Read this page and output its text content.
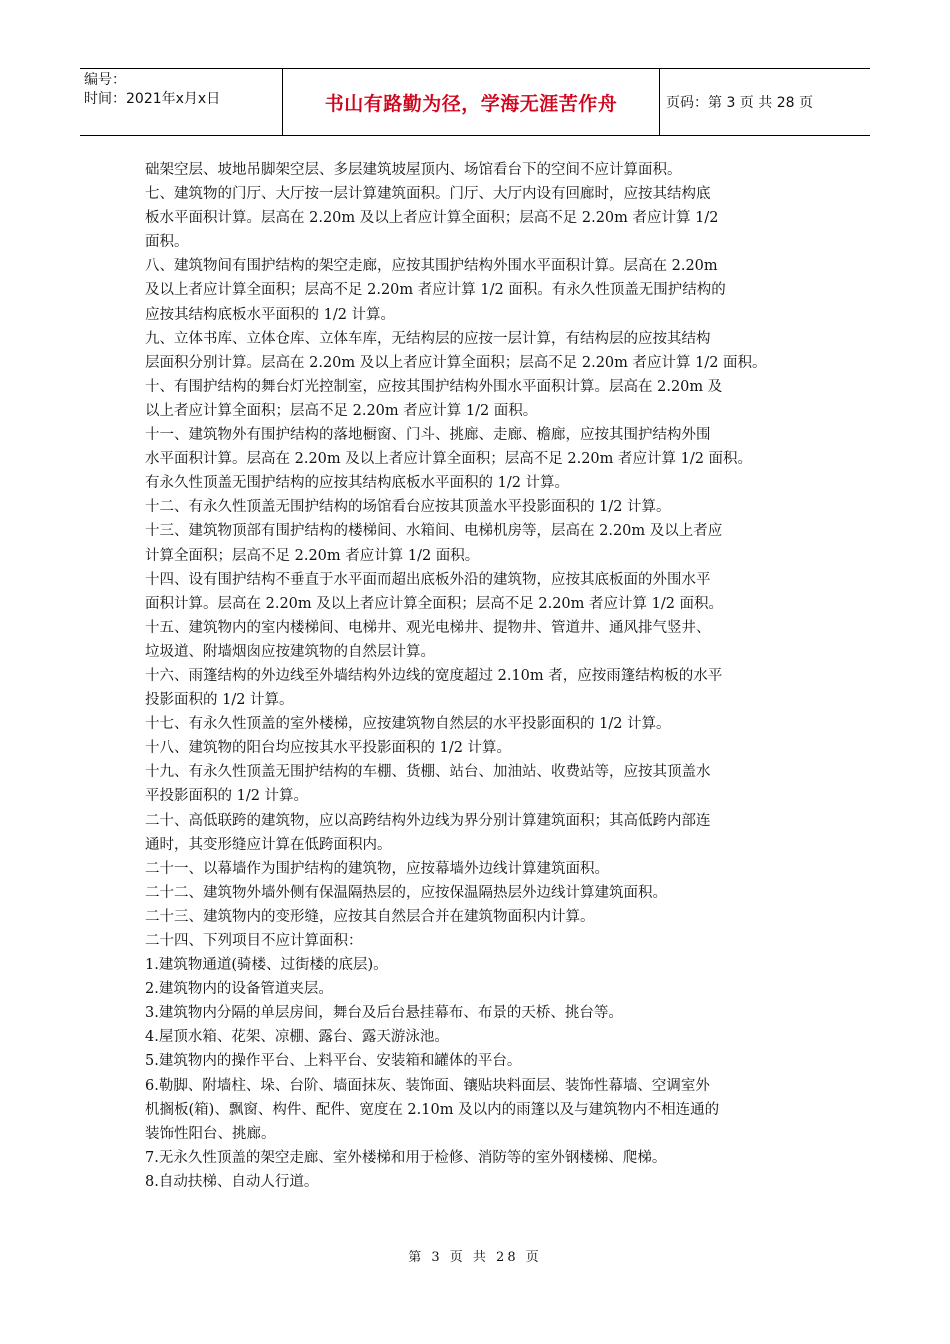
编号：
时间：2021年x月x日	书山有路勤为径，学海无涯苦作舟	页码：第 3 页 共 28 页
础架空层、坡地吊脚架空层、多层建筑坡屋顶内、场馆看台下的空间不应计算面积。
七、建筑物的门厅、大厅按一层计算建筑面积。门厅、大厅内设有回廊时，应按其结构底
板水平面积计算。层高在 2.20m 及以上者应计算全面积；层高不足 2.20m 者应计算 1/2
面积。
八、建筑物间有围护结构的架空走廊，应按其围护结构外围水平面积计算。层高在 2.20m
及以上者应计算全面积；层高不足 2.20m 者应计算 1/2 面积。有永久性顶盖无围护结构的
应按其结构底板水平面积的 1/2 计算。
九、立体书库、立体仓库、立体车库，无结构层的应按一层计算，有结构层的应按其结构
层面积分别计算。层高在 2.20m 及以上者应计算全面积；层高不足 2.20m 者应计算 1/2 面积。
十、有围护结构的舞台灯光控制室，应按其围护结构外围水平面积计算。层高在 2.20m 及
以上者应计算全面积；层高不足 2.20m 者应计算 1/2 面积。
十一、建筑物外有围护结构的落地橱窗、门斗、挑廊、走廊、檐廊，应按其围护结构外围
水平面积计算。层高在 2.20m 及以上者应计算全面积；层高不足 2.20m 者应计算 1/2 面积。
有永久性顶盖无围护结构的应按其结构底板水平面积的 1/2 计算。
十二、有永久性顶盖无围护结构的场馆看台应按其顶盖水平投影面积的 1/2 计算。
十三、建筑物顶部有围护结构的楼梯间、水箱间、电梯机房等，层高在 2.20m 及以上者应
计算全面积；层高不足 2.20m 者应计算 1/2 面积。
十四、设有围护结构不垂直于水平面而超出底板外沿的建筑物，应按其底板面的外围水平
面积计算。层高在 2.20m 及以上者应计算全面积；层高不足 2.20m 者应计算 1/2 面积。
十五、建筑物内的室内楼梯间、电梯井、观光电梯井、提物井、管道井、通风排气竖井、
垃圾道、附墙烟囱应按建筑物的自然层计算。
十六、雨篷结构的外边线至外墙结构外边线的宽度超过 2.10m 者，应按雨篷结构板的水平
投影面积的 1/2 计算。
十七、有永久性顶盖的室外楼梯，应按建筑物自然层的水平投影面积的 1/2 计算。
十八、建筑物的阳台均应按其水平投影面积的 1/2 计算。
十九、有永久性顶盖无围护结构的车棚、货棚、站台、加油站、收费站等，应按其顶盖水
平投影面积的 1/2 计算。
二十、高低联跨的建筑物，应以高跨结构外边线为界分别计算建筑面积；其高低跨内部连
通时，其变形缝应计算在低跨面积内。
二十一、以幕墙作为围护结构的建筑物，应按幕墙外边线计算建筑面积。
二十二、建筑物外墙外侧有保温隔热层的，应按保温隔热层外边线计算建筑面积。
二十三、建筑物内的变形缝，应按其自然层合并在建筑物面积内计算。
二十四、下列项目不应计算面积：
1.建筑物通道(骑楼、过街楼的底层)。
2.建筑物内的设备管道夹层。
3.建筑物内分隔的单层房间，舞台及后台悬挂幕布、布景的天桥、挑台等。
4.屋顶水箱、花架、凉棚、露台、露天游泳池。
5.建筑物内的操作平台、上料平台、安装箱和罐体的平台。
6.勒脚、附墙柱、垛、台阶、墙面抹灰、装饰面、镶贴块料面层、装饰性幕墙、空调室外
机搁板(箱)、飘窗、构件、配件、宽度在 2.10m 及以内的雨篷以及与建筑物内不相连通的
装饰性阳台、挑廊。
7.无永久性顶盖的架空走廊、室外楼梯和用于检修、消防等的室外钢楼梯、爬梯。
8.自动扶梯、自动人行道。
第 3 页 共 28 页
